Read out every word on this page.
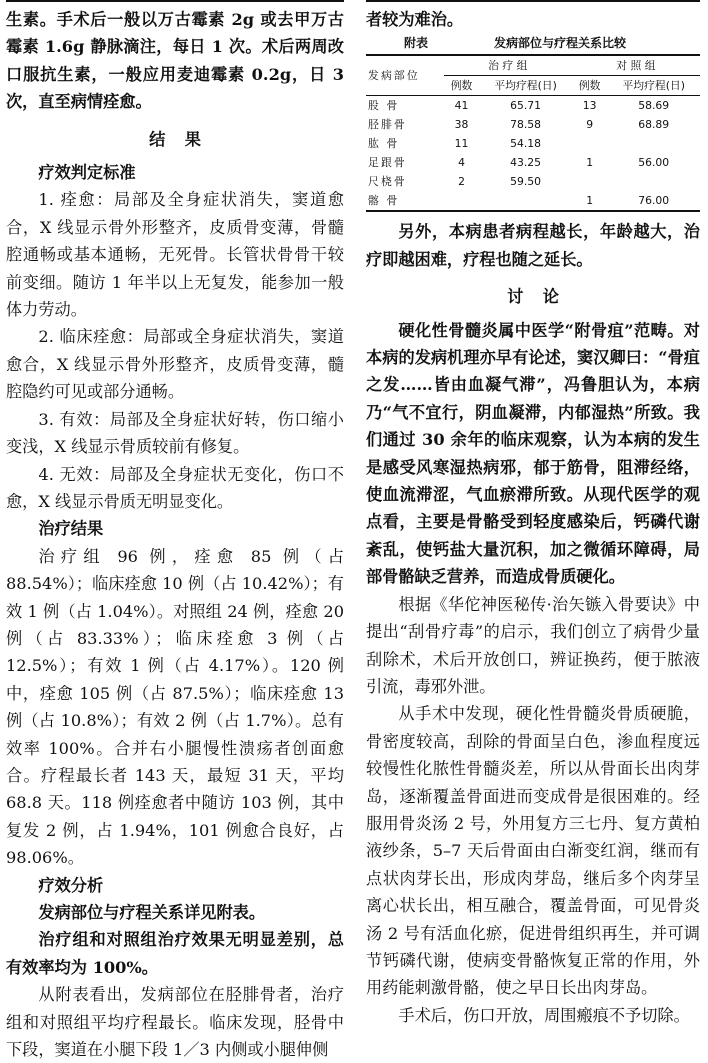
生素。手术后一般以万古霉素 2g 或去甲万古霉素 1.6g 静脉滴注，每日 1 次。术后两周改口服抗生素，一般应用麦迪霉素 0.2g，日 3 次，直至病情痊愈。

结果

疗效判定标准

1. 痊愈：局部及全身症状消失，窦道愈合，X 线显示骨外形整齐，皮质骨变薄，骨髓腔通畅或基本通畅，无死骨。长管状骨骨干较前变细。随访 1 年半以上无复发，能参加一般体力劳动。

2. 临床痊愈：局部或全身症状消失，窦道愈合，X 线显示骨外形整齐，皮质骨变薄，髓腔隐约可见或部分通畅。

3. 有效：局部及全身症状好转，伤口缩小变浅，X 线显示骨质较前有修复。

4. 无效：局部及全身症状无变化，伤口不愈，X 线显示骨质无明显变化。

治疗结果

治疗组 96 例，痊愈 85 例（占 88.54%）；临床痊愈 10 例（占 10.42%）；有效 1 例（占 1.04%）。对照组 24 例，痊愈 20 例（占 83.33%）；临床痊愈 3 例（占 12.5%）；有效 1 例（占 4.17%）。120 例中，痊愈 105 例（占 87.5%）；临床痊愈 13 例（占 10.8%）；有效 2 例（占 1.7%）。总有效率 100%。合并右小腿慢性溃疡者创面愈合。疗程最长者 143 天，最短 31 天，平均 68.8 天。118 例痊愈者中随访 103 例，其中复发 2 例，占 1.94%，101 例愈合良好，占 98.06%。

疗效分析

发病部位与疗程关系详见附表。

治疗组和对照组治疗效果无明显差别，总有效率均为 100%。

从附表看出，发病部位在胫腓骨者，治疗组和对照组平均疗程最长。临床发现，胫骨中下段，窦道在小腿下段 1／3 内侧或小腿伸侧

者较为难治。

附表	发病部位与疗程关系比较
发病部位	治 疗 组		对 照 组	
	例数	平均疗程(日)	例数	平均疗程(日)
股 骨	41	65.71	13	58.69
胫腓骨	38	78.58	9	68.89
肱 骨	11	54.18		
足跟骨	4	43.25	1	56.00
尺桡骨	2	59.50		
髂 骨			1	76.00

另外，本病患者病程越长，年龄越大，治疗即越困难，疗程也随之延长。

讨论

硬化性骨髓炎属中医学“附骨疽”范畴。对本病的发病机理亦早有论述，窦汉卿曰：“骨疽之发……皆由血凝气滞”，冯鲁胆认为，本病乃“气不宜行，阴血凝滞，内郁湿热”所致。我们通过 30 余年的临床观察，认为本病的发生是感受风寒湿热病邪，郁于筋骨，阻滞经络，使血流滞涩，气血瘀滞所致。从现代医学的观点看，主要是骨骼受到轻度感染后，钙磷代谢紊乱，使钙盐大量沉积，加之微循环障碍，局部骨骼缺乏营养，而造成骨质硬化。

根据《华佗神医秘传·治矢镞入骨要诀》中提出“刮骨疗毒”的启示，我们创立了病骨少量刮除术，术后开放创口，辨证换药，便于脓液引流，毒邪外泄。

从手术中发现，硬化性骨髓炎骨质硬脆，骨密度较高，刮除的骨面呈白色，渗血程度远较慢性化脓性骨髓炎差，所以从骨面长出肉芽岛，逐渐覆盖骨面进而变成骨是很困难的。经服用骨炎汤 2 号，外用复方三七丹、复方黄柏液纱条，5–7 天后骨面由白渐变红润，继而有点状肉芽长出，形成肉芽岛，继后多个肉芽呈离心状长出，相互融合，覆盖骨面，可见骨炎汤 2 号有活血化瘀，促进骨组织再生，并可调节钙磷代谢，使病变骨骼恢复正常的作用，外用药能刺激骨骼，使之早日长出肉芽岛。

手术后，伤口开放，周围瘢痕不予切除。
